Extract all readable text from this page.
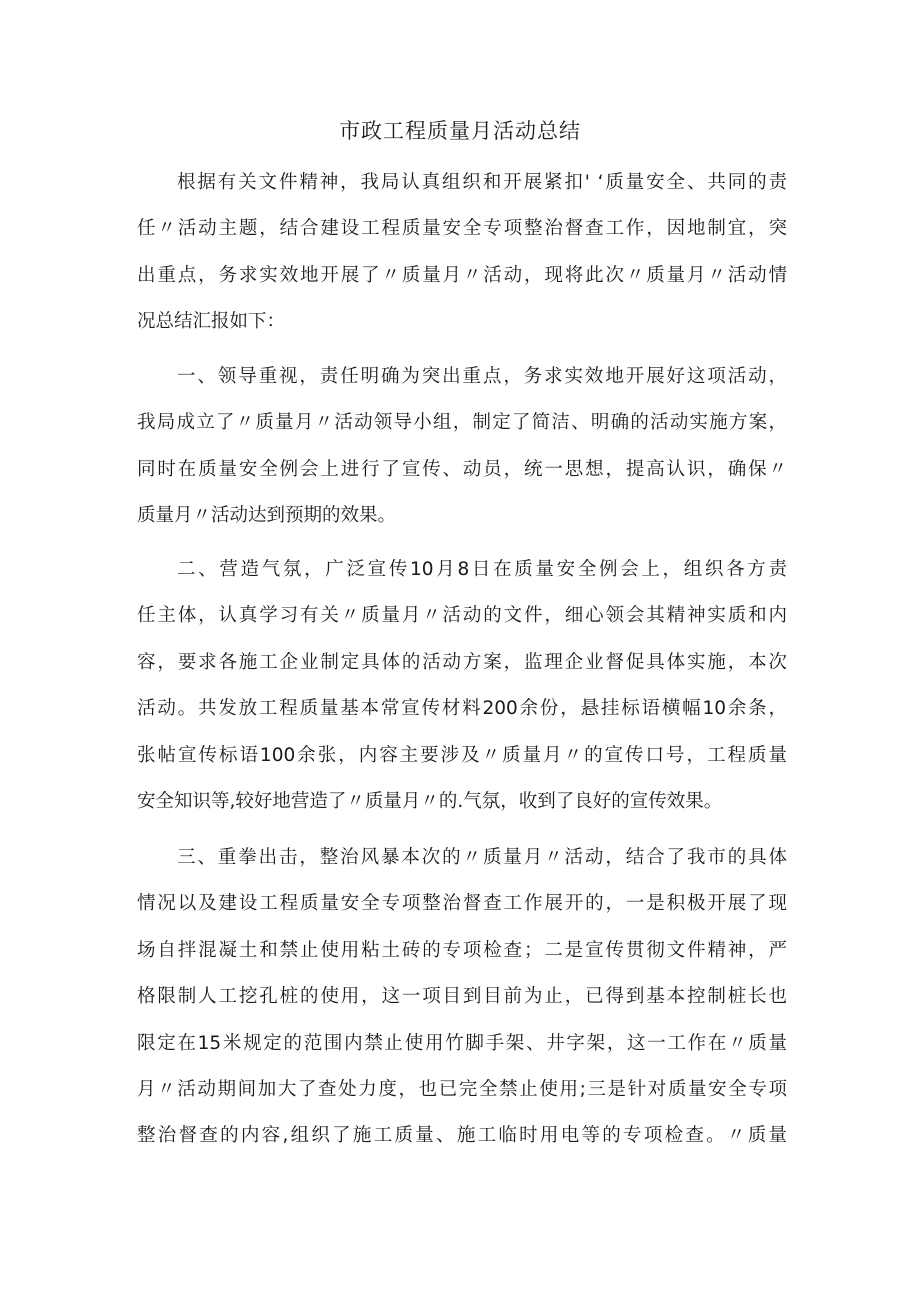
市政工程质量月活动总结
根据有关文件精神，我局认真组织和开展紧扣' ‘质量安全、共同的责
任〃活动主题，结合建设工程质量安全专项整治督查工作，因地制宜，突
出重点，务求实效地开展了〃质量月〃活动，现将此次〃质量月〃活动情
况总结汇报如下：
一、领导重视，责任明确为突出重点，务求实效地开展好这项活动，
我局成立了〃质量月〃活动领导小组，制定了简洁、明确的活动实施方案，
同时在质量安全例会上进行了宣传、动员，统一思想，提高认识，确保〃
质量月〃活动达到预期的效果。
二、营造气氛，广泛宣传10月8日在质量安全例会上，组织各方责
任主体，认真学习有关〃质量月〃活动的文件，细心领会其精神实质和内
容，要求各施工企业制定具体的活动方案，监理企业督促具体实施，本次
活动。共发放工程质量基本常宣传材料200余份，悬挂标语横幅10余条，
张帖宣传标语100余张，内容主要涉及〃质量月〃的宣传口号，工程质量
安全知识等,较好地营造了〃质量月〃的.气氛，收到了良好的宣传效果。
三、重拳出击，整治风暴本次的〃质量月〃活动，结合了我市的具体
情况以及建设工程质量安全专项整治督查工作展开的，一是积极开展了现
场自拌混凝土和禁止使用粘土砖的专项检查；二是宣传贯彻文件精神，严
格限制人工挖孔桩的使用，这一项目到目前为止，已得到基本控制桩长也
限定在15米规定的范围内禁止使用竹脚手架、井字架，这一工作在〃质量
月〃活动期间加大了查处力度，也已完全禁止使用;三是针对质量安全专项
整治督查的内容,组织了施工质量、施工临时用电等的专项检查。〃质量
